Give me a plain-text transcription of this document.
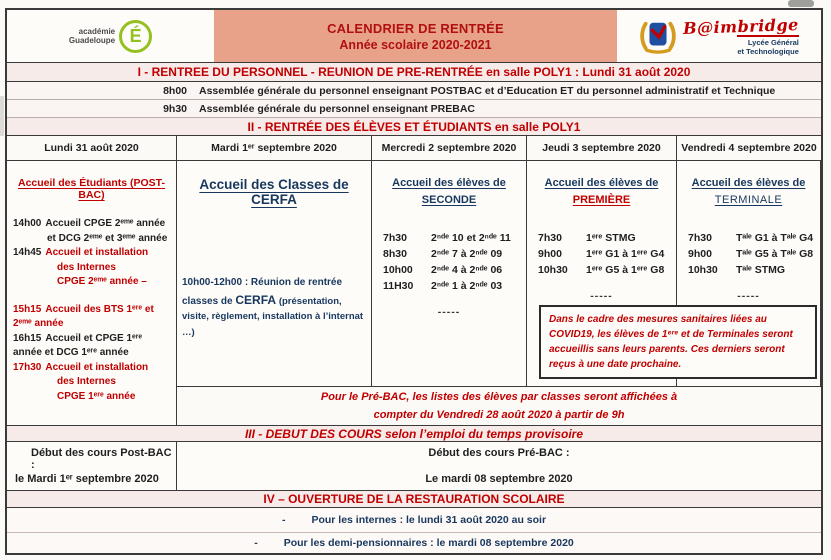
académie
Guadeloupe É	CALENDRIER DE RENTRÉE
Année scolaire 2020-2021
B@imbridge
Lycée Général
et Technologique
I - RENTREE DU PERSONNEL - REUNION DE PRE-RENTRÉE en salle POLY1 : Lundi 31 août 2020
8h00	Assemblée générale du personnel enseignant POSTBAC et d’Education ET du personnel administratif et Technique
9h30	Assemblée générale du personnel enseignant PREBAC
II - RENTRÉE DES ÉLÈVES ET ÉTUDIANTS en salle POLY1
Lundi 31 août 2020	Mardi 1ᵉʳ septembre 2020	Mercredi 2 septembre 2020	Jeudi 3 septembre 2020	Vendredi 4 septembre 2020
Accueil des Étudiants (POST-BAC)
14h00 Accueil CPGE 2ᵉᵐᵉ année
et DCG 2ᵉᵐᵉ et 3ᵉᵐᵉ année
14h45 Accueil et installation
des Internes
CPGE 2ᵉᵐᵉ année –
15h15 Accueil des BTS 1ᵉʳᵉ et 2ᵉᵐᵉ année
16h15 Accueil et CPGE 1ᵉʳᵉ année et DCG 1ᵉʳᵉ année
17h30 Accueil et installation
des Internes
CPGE 1ᵉʳᵉ année
Accueil des Classes de CERFA
10h00-12h00 : Réunion de rentrée classes de CERFA (présentation, visite, règlement, installation à l’internat …)
Accueil des élèves de
SECONDE
7h30	2ⁿᵈᵉ 10 et 2ⁿᵈᵉ 11
8h30	2ⁿᵈᵉ 7 à 2ⁿᵈᵉ 09
10h00	2ⁿᵈᵉ 4 à 2ⁿᵈᵉ 06
11H30	2ⁿᵈᵉ 1 à 2ⁿᵈᵉ 03
-----
Accueil des élèves de
PREMIÈRE
7h30	1ᵉʳᵉ STMG
9h00	1ᵉʳᵉ G1 à 1ᵉʳᵉ G4
10h30	1ᵉʳᵉ G5 à 1ᵉʳᵉ G8
-----
Accueil des élèves de
TERMINALE
7h30	Tᵃˡᵉ G1 à Tᵃˡᵉ G4
9h00	Tᵃˡᵉ G5 à Tᵃˡᵉ G8
10h30	Tᵃˡᵉ STMG
-----
Dans le cadre des mesures sanitaires liées au COVID19, les élèves de 1ᵉʳᵉ et de Terminales seront accueillis sans leurs parents. Ces derniers seront reçus à une date prochaine.
Pour le Pré-BAC, les listes des élèves par classes seront affichées à
compter du Vendredi 28 août 2020 à partir de 9h
III - DEBUT DES COURS selon l’emploi du temps provisoire
Début des cours Post-BAC :
le Mardi 1ᵉʳ septembre 2020
Début des cours Pré-BAC :
Le mardi 08 septembre 2020
IV – OUVERTURE DE LA RESTAURATION SCOLAIRE
- Pour les internes : le lundi 31 août 2020 au soir
- Pour les demi-pensionnaires : le mardi 08 septembre 2020
